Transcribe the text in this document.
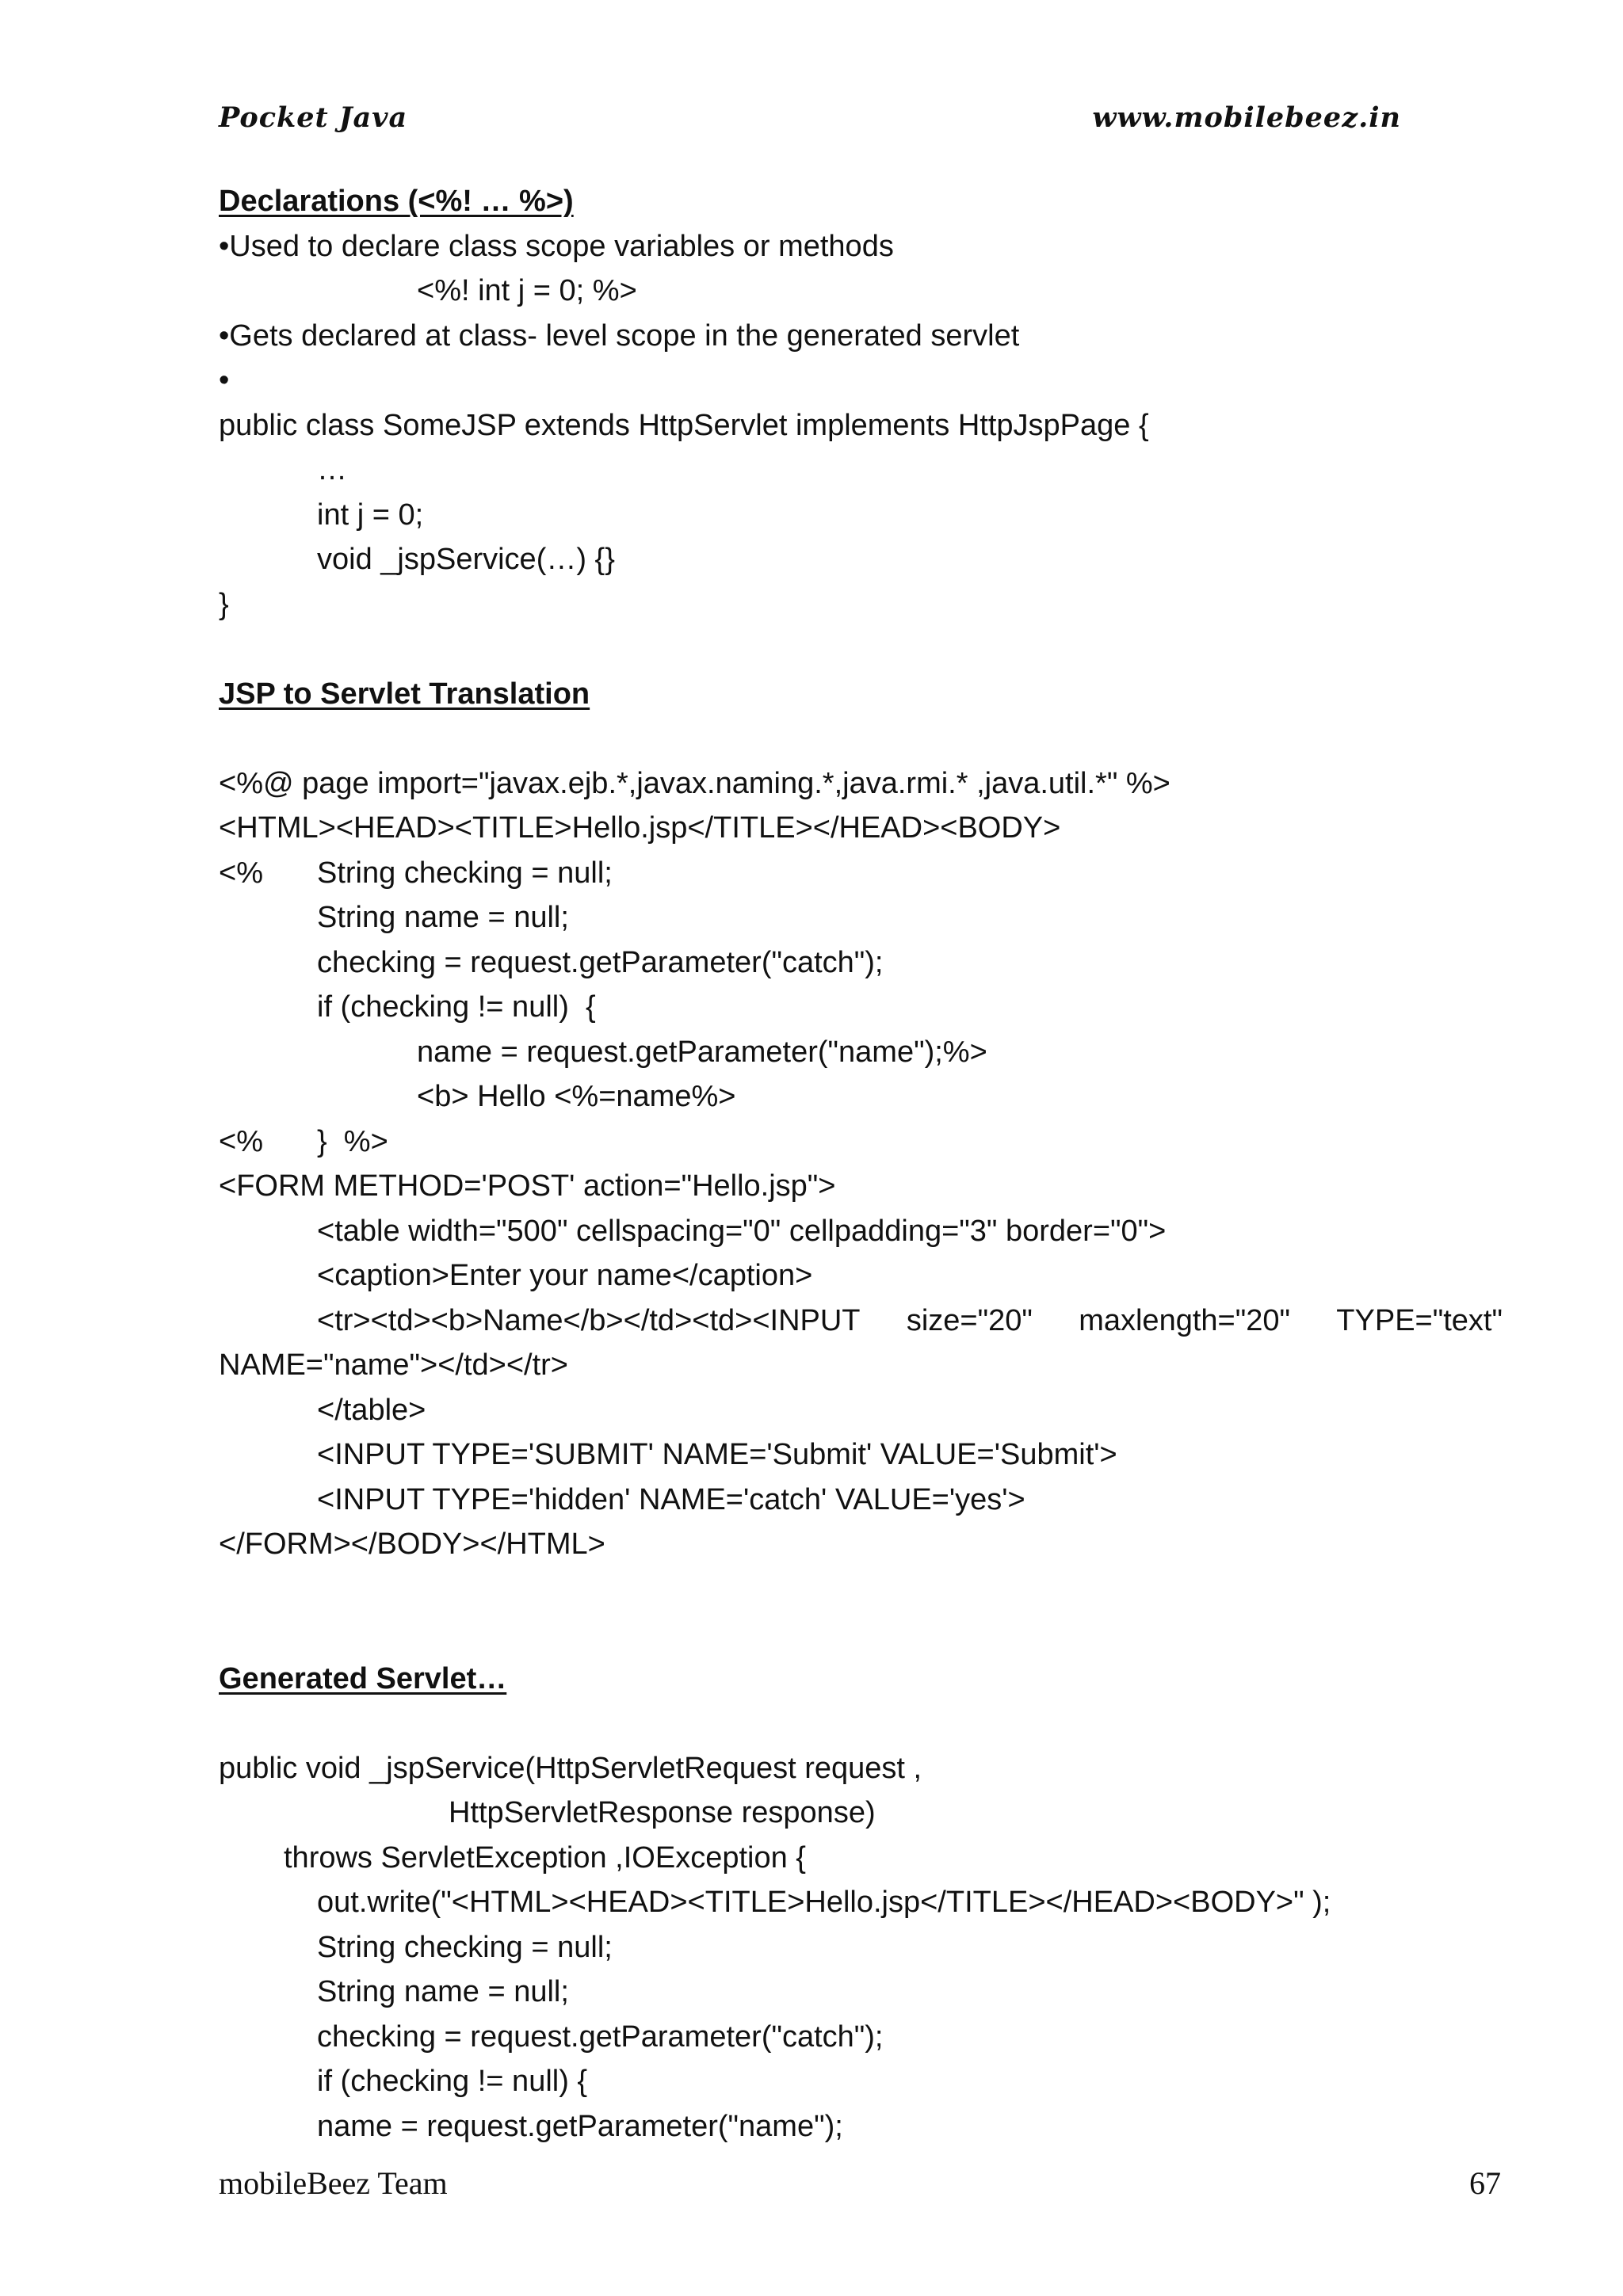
Pocket Java	www.mobilebeez.in
Declarations (<%! … %>)
•Used to declare class scope variables or methods
<%! int j = 0; %>
•Gets declared at class- level scope in the generated servlet
•
public class SomeJSP extends HttpServlet implements HttpJspPage {
…
int j = 0;
void _jspService(…) {}
}
JSP to Servlet Translation
<%@ page import="javax.ejb.*,javax.naming.*,java.rmi.* ,java.util.*" %>
<HTML><HEAD><TITLE>Hello.jsp</TITLE></HEAD><BODY>
<% String checking = null;
String name = null;
checking = request.getParameter("catch");
if (checking != null)  {
name = request.getParameter("name");%>
<b> Hello <%=name%>
<% }  %>
<FORM METHOD='POST' action="Hello.jsp">
<table width="500" cellspacing="0" cellpadding="3" border="0">
<caption>Enter your name</caption>
<tr><td><b>Name</b></td><td><INPUT size="20" maxlength="20" TYPE="text"
NAME="name"></td></tr>
</table>
<INPUT TYPE='SUBMIT' NAME='Submit' VALUE='Submit'>
<INPUT TYPE='hidden' NAME='catch' VALUE='yes'>
</FORM></BODY></HTML>
Generated Servlet…
public void _jspService(HttpServletRequest request ,
HttpServletResponse response)
throws ServletException ,IOException {
out.write("<HTML><HEAD><TITLE>Hello.jsp</TITLE></HEAD><BODY>" );
String checking = null;
String name = null;
checking = request.getParameter("catch");
if (checking != null) {
name = request.getParameter("name");
mobileBeez Team	67
